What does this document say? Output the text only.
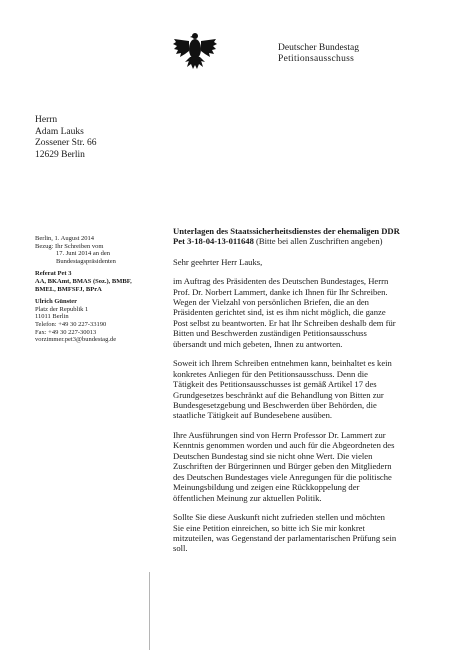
Deutscher Bundestag
Petitionsausschuss
Herrn
Adam Lauks
Zossener Str. 66
12629 Berlin
Berlin, 1. August 2014
Bezug: Ihr Schreiben vom
17. Juni 2014 an den
Bundestagspräsidenten
Referat Pet 3
AA, BKAmt, BMAS (Soz.), BMBF,
BMEL, BMFSFJ, BPrA
Ulrich Günster
Platz der Republik 1
11011 Berlin
Telefon: +49 30 227-33190
Fax: +49 30 227-30013
vorzimmer.pet3@bundestag.de

Unterlagen des Staatssicherheitsdienstes der ehemaligen DDR
Pet 3-18-04-13-011648 (Bitte bei allen Zuschriften angeben)

Sehr geehrter Herr Lauks,

im Auftrag des Präsidenten des Deutschen Bundestages, Herrn
Prof. Dr. Norbert Lammert, danke ich Ihnen für Ihr Schreiben.
Wegen der Vielzahl von persönlichen Briefen, die an den
Präsidenten gerichtet sind, ist es ihm nicht möglich, die ganze
Post selbst zu beantworten. Er hat Ihr Schreiben deshalb dem für
Bitten und Beschwerden zuständigen Petitionsausschuss
übersandt und mich gebeten, Ihnen zu antworten.

Soweit ich Ihrem Schreiben entnehmen kann, beinhaltet es kein
konkretes Anliegen für den Petitionsausschuss. Denn die
Tätigkeit des Petitionsausschusses ist gemäß Artikel 17 des
Grundgesetzes beschränkt auf die Behandlung von Bitten zur
Bundesgesetzgebung und Beschwerden über Behörden, die
staatliche Tätigkeit auf Bundesebene ausüben.

Ihre Ausführungen sind von Herrn Professor Dr. Lammert zur
Kenntnis genommen worden und auch für die Abgeordneten des
Deutschen Bundestag sind sie nicht ohne Wert. Die vielen
Zuschriften der Bürgerinnen und Bürger geben den Mitgliedern
des Deutschen Bundestages viele Anregungen für die politische
Meinungsbildung und zeigen eine Rückkoppelung der
öffentlichen Meinung zur aktuellen Politik.

Sollte Sie diese Auskunft nicht zufrieden stellen und möchten
Sie eine Petition einreichen, so bitte ich Sie mir konkret
mitzuteilen, was Gegenstand der parlamentarischen Prüfung sein
soll.
